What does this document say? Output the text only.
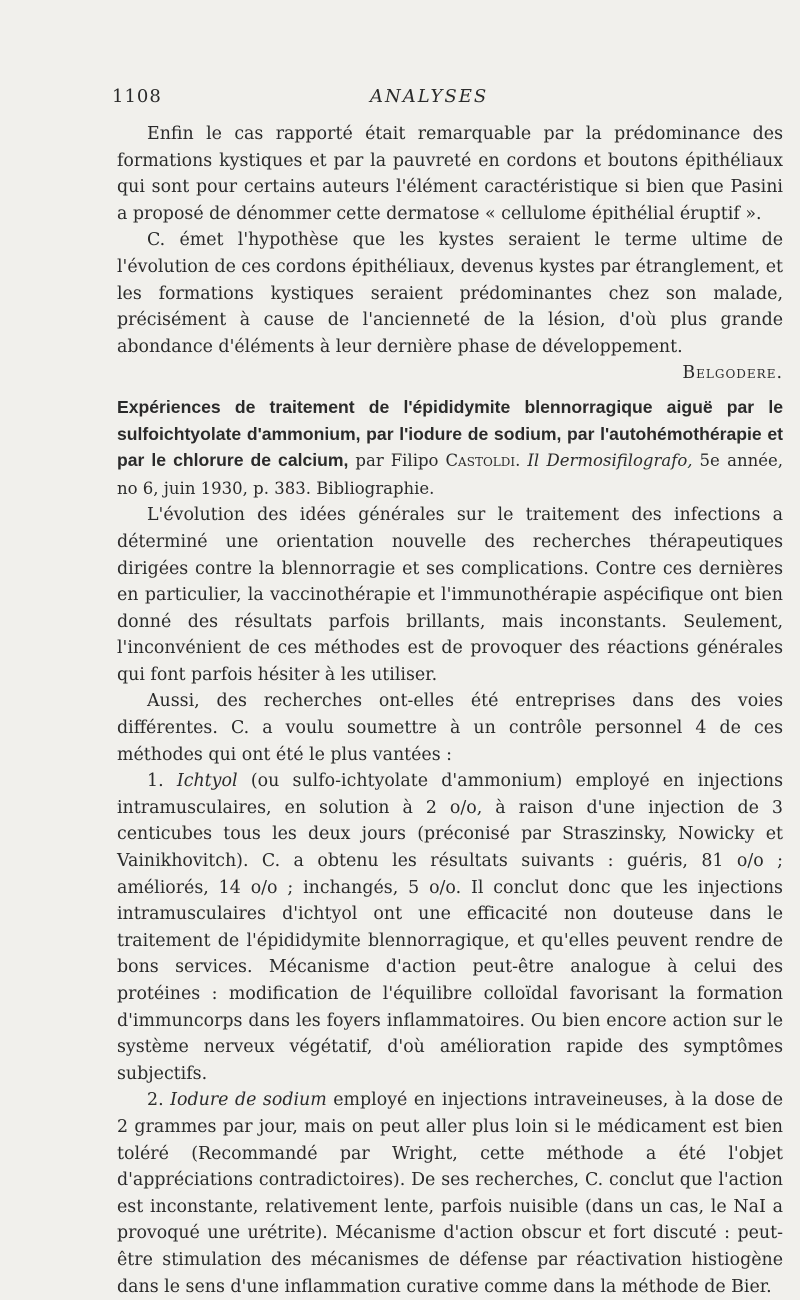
1108	ANALYSES

Enfin le cas rapporté était remarquable par la prédominance des formations kystiques et par la pauvreté en cordons et boutons épithéliaux qui sont pour certains auteurs l'élément caractéristique si bien que Pasini a proposé de dénommer cette dermatose « cellulome épithélial éruptif ».

C. émet l'hypothèse que les kystes seraient le terme ultime de l'évolution de ces cordons épithéliaux, devenus kystes par étranglement, et les formations kystiques seraient prédominantes chez son malade, précisément à cause de l'ancienneté de la lésion, d'où plus grande abondance d'éléments à leur dernière phase de développement.

Belgodere.

Expériences de traitement de l'épididymite blennorragique aiguë par le sulfoichtyolate d'ammonium, par l'iodure de sodium, par l'autohémothérapie et par le chlorure de calcium, par Filipo Castoldi. Il Dermosifilografo, 5e année, no 6, juin 1930, p. 383. Bibliographie.

L'évolution des idées générales sur le traitement des infections a déterminé une orientation nouvelle des recherches thérapeutiques dirigées contre la blennorragie et ses complications. Contre ces dernières en particulier, la vaccinothérapie et l'immunothérapie aspécifique ont bien donné des résultats parfois brillants, mais inconstants. Seulement, l'inconvénient de ces méthodes est de provoquer des réactions générales qui font parfois hésiter à les utiliser.

Aussi, des recherches ont-elles été entreprises dans des voies différentes. C. a voulu soumettre à un contrôle personnel 4 de ces méthodes qui ont été le plus vantées :

1. Ichtyol (ou sulfo-ichtyolate d'ammonium) employé en injections intramusculaires, en solution à 2 o/o, à raison d'une injection de 3 centicubes tous les deux jours (préconisé par Straszinsky, Nowicky et Vainikhovitch). C. a obtenu les résultats suivants : guéris, 81 o/o ; améliorés, 14 o/o ; inchangés, 5 o/o. Il conclut donc que les injections intramusculaires d'ichtyol ont une efficacité non douteuse dans le traitement de l'épididymite blennorragique, et qu'elles peuvent rendre de bons services. Mécanisme d'action peut-être analogue à celui des protéines : modification de l'équilibre colloïdal favorisant la formation d'immuncorps dans les foyers inflammatoires. Ou bien encore action sur le système nerveux végétatif, d'où amélioration rapide des symptômes subjectifs.

2. Iodure de sodium employé en injections intraveineuses, à la dose de 2 grammes par jour, mais on peut aller plus loin si le médicament est bien toléré (Recommandé par Wright, cette méthode a été l'objet d'appréciations contradictoires). De ses recherches, C. conclut que l'action est inconstante, relativement lente, parfois nuisible (dans un cas, le NaI a provoqué une urétrite). Mécanisme d'action obscur et fort discuté : peut-être stimulation des mécanismes de défense par réactivation histiogène dans le sens d'une inflammation curative comme dans la méthode de Bier.
